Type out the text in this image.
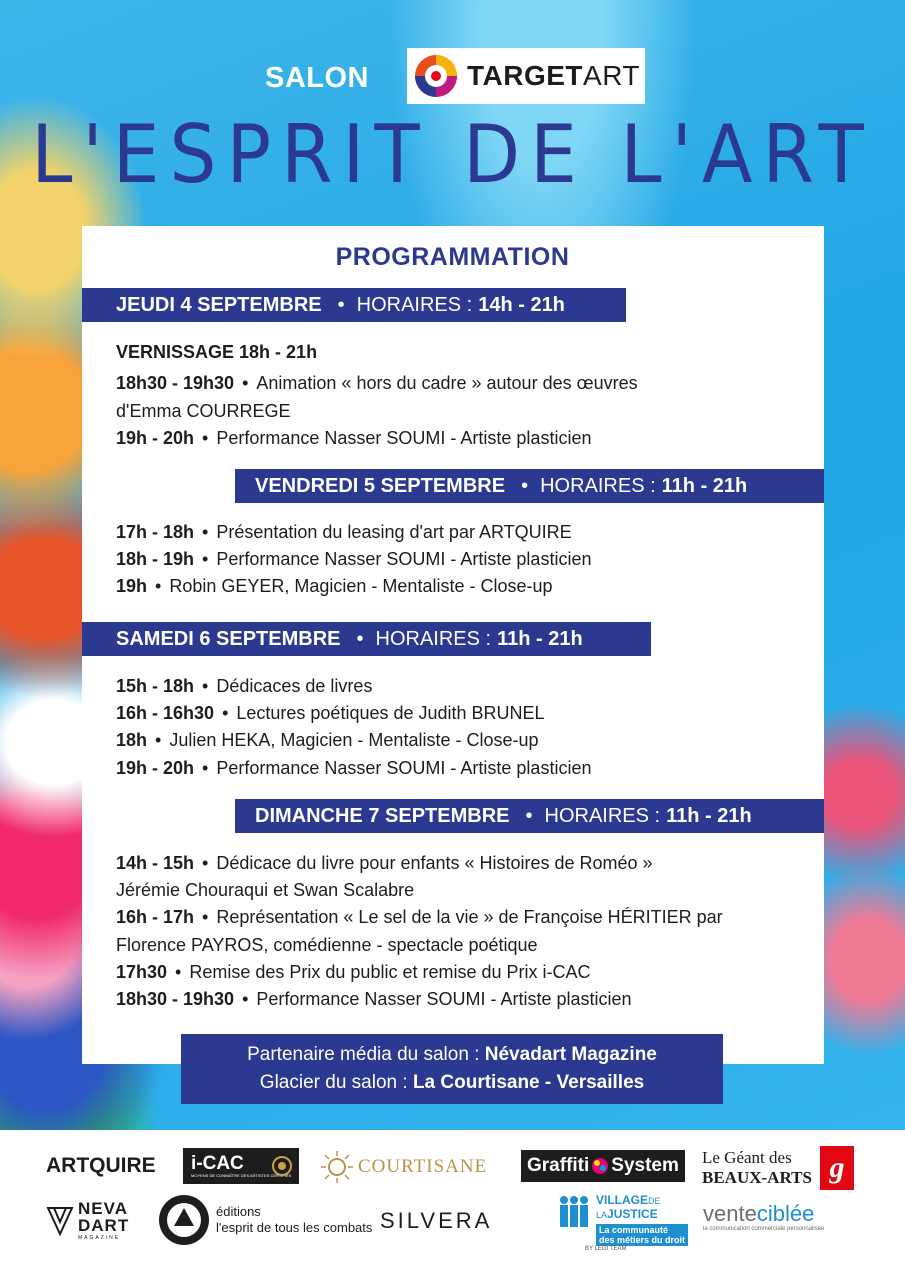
SALON	TARGETART
L'ESPRIT DE L'ART
PROGRAMMATION
JEUDI 4 SEPTEMBRE • HORAIRES : 14h - 21h
VERNISSAGE 18h - 21h
18h30 - 19h30 • Animation « hors du cadre » autour des œuvres
d'Emma COURREGE
19h - 20h • Performance Nasser SOUMI - Artiste plasticien
VENDREDI 5 SEPTEMBRE • HORAIRES : 11h - 21h
17h - 18h • Présentation du leasing d'art par ARTQUIRE
18h - 19h • Performance Nasser SOUMI - Artiste plasticien
19h • Robin GEYER, Magicien - Mentaliste - Close-up
SAMEDI 6 SEPTEMBRE • HORAIRES : 11h - 21h
15h - 18h • Dédicaces de livres
16h - 16h30 • Lectures poétiques de Judith BRUNEL
18h • Julien HEKA, Magicien - Mentaliste - Close-up
19h - 20h • Performance Nasser SOUMI - Artiste plasticien
DIMANCHE 7 SEPTEMBRE • HORAIRES : 11h - 21h
14h - 15h • Dédicace du livre pour enfants « Histoires de Roméo »
Jérémie Chouraqui et Swan Scalabre
16h - 17h • Représentation « Le sel de la vie » de Françoise HÉRITIER par
Florence PAYROS, comédienne - spectacle poétique
17h30 • Remise des Prix du public et remise du Prix i-CAC
18h30 - 19h30 • Performance Nasser SOUMI - Artiste plasticien
Partenaire média du salon : Névadart Magazine
Glacier du salon : La Courtisane - Versailles
ARTQUIRE i-CAC
MOYENS DE CONNAÎTRE DES ARTISTES CERTIFIÉS	COURTISANE Graffiti System Le Géant des
BEAUX-ARTS g
NEVA
DART
MAGAZINE
éditions
l'esprit de tous les combats SILVERA
VILLAGEDE
LAJUSTICE
La communauté
des métiers du droit
BY LEGI TEAM
venteciblée
la communication commerciale personnalisée
